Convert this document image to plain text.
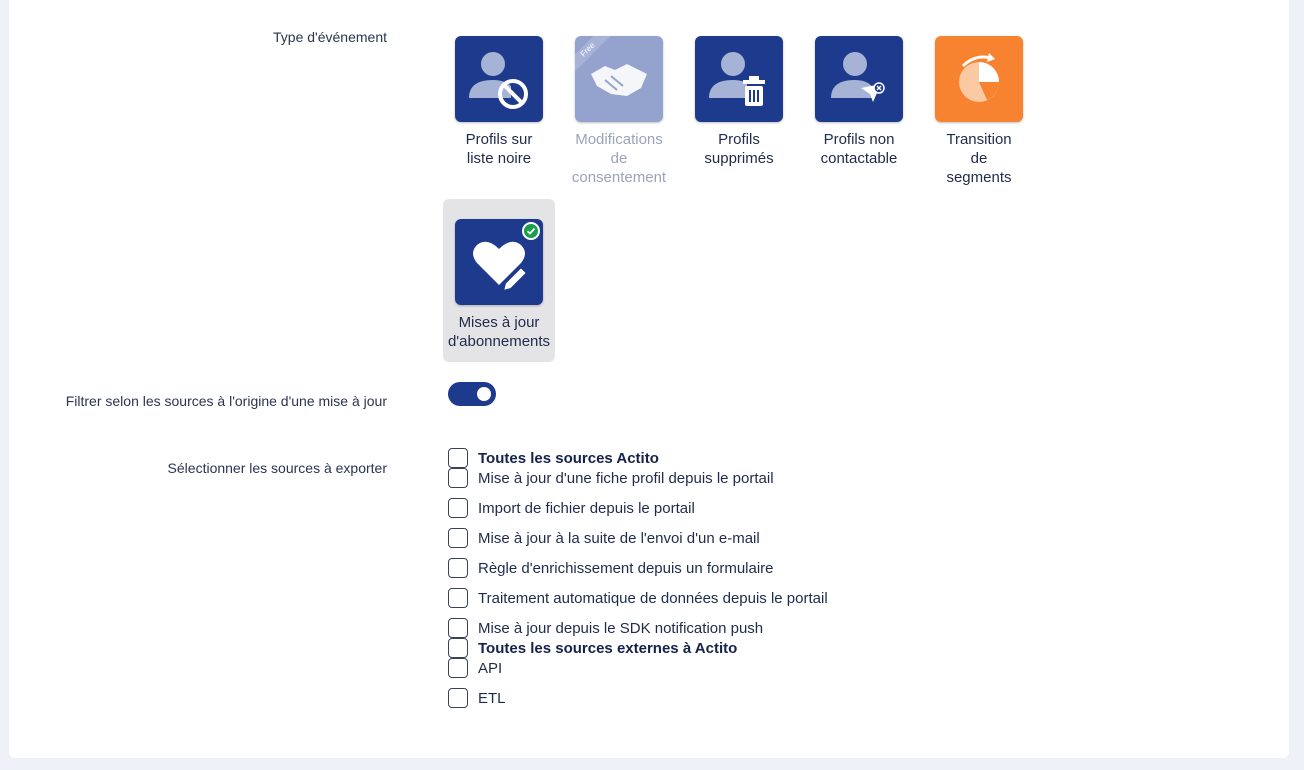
Type d'événement
Profils sur
liste noire
Free
Modifications
de
consentement
Profils
supprimés
Profils non
contactable
Transition
de
segments
Mises à jour
d'abonnements
Filtrer selon les sources à l'origine d'une mise à jour
Sélectionner les sources à exporter
Toutes les sources Actito
Mise à jour d'une fiche profil depuis le portail
Import de fichier depuis le portail
Mise à jour à la suite de l'envoi d'un e-mail
Règle d'enrichissement depuis un formulaire
Traitement automatique de données depuis le portail
Mise à jour depuis le SDK notification push
Toutes les sources externes à Actito
API
ETL
